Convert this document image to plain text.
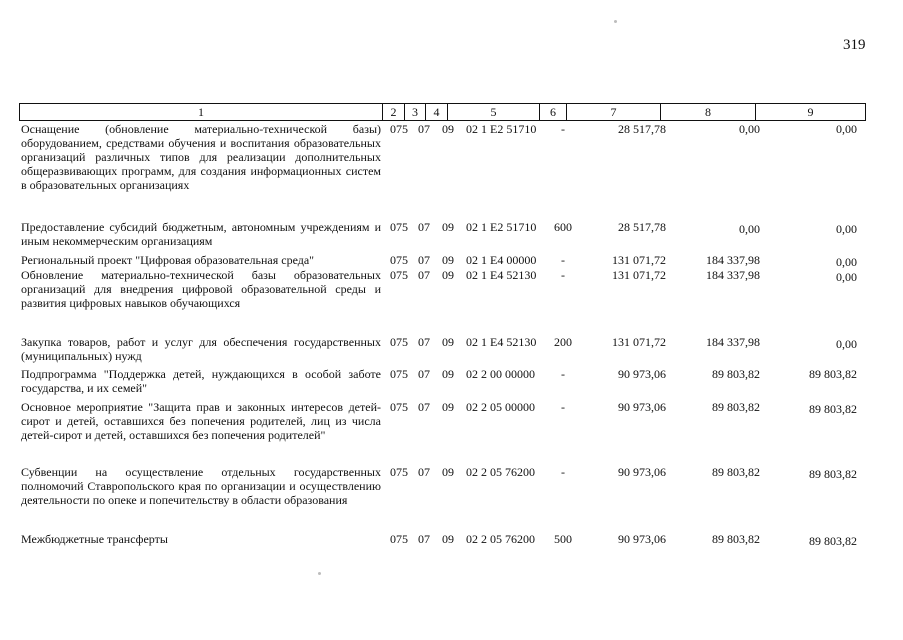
319
1	2	3	4	5	6	7	8	9

Оснащение (обновление материально-технической базы) оборудованием, средствами обучения и воспитания образовательных организаций различных типов для реализации дополнительных общеразвивающих программ, для создания информационных систем в образовательных организациях

075 07	09	02 1 E2 51710	-	28 517,78	0,00	0,00

Предоставление субсидий бюджетным, автономным учреждениям и иным некоммерческим организациям

075 07	09	02 1 E2 51710	600	28 517,78	0,00	0,00

Региональный проект "Цифровая образовательная среда"	075 07	09	02 1 E4 00000	-	131 071,72	184 337,98	0,00

Обновление материально-технической базы образовательных организаций для внедрения цифровой образовательной среды и развития цифровых навыков обучающихся

075 07	09	02 1 E4 52130	-	131 071,72	184 337,98	0,00

Закупка товаров, работ и услуг для обеспечения государственных (муниципальных) нужд

075 07	09	02 1 E4 52130	200	131 071,72	184 337,98	0,00

Подпрограмма "Поддержка детей, нуждающихся в особой заботе государства, и их семей"

075 07	09	02 2 00 00000	-	90 973,06	89 803,82	89 803,82

Основное мероприятие "Защита прав и законных интересов детей-сирот и детей, оставшихся без попечения родителей, лиц из числа детей-сирот и детей, оставшихся без попечения родителей"

075 07	09	02 2 05 00000	-	90 973,06	89 803,82	89 803,82

Субвенции на осуществление отдельных государственных полномочий Ставропольского края по организации и осуществлению деятельности по опеке и попечительству в области образования

075 07	09	02 2 05 76200	-	90 973,06	89 803,82	89 803,82

Межбюджетные трансферты	075 07	09	02 2 05 76200	500	90 973,06	89 803,82	89 803,82
